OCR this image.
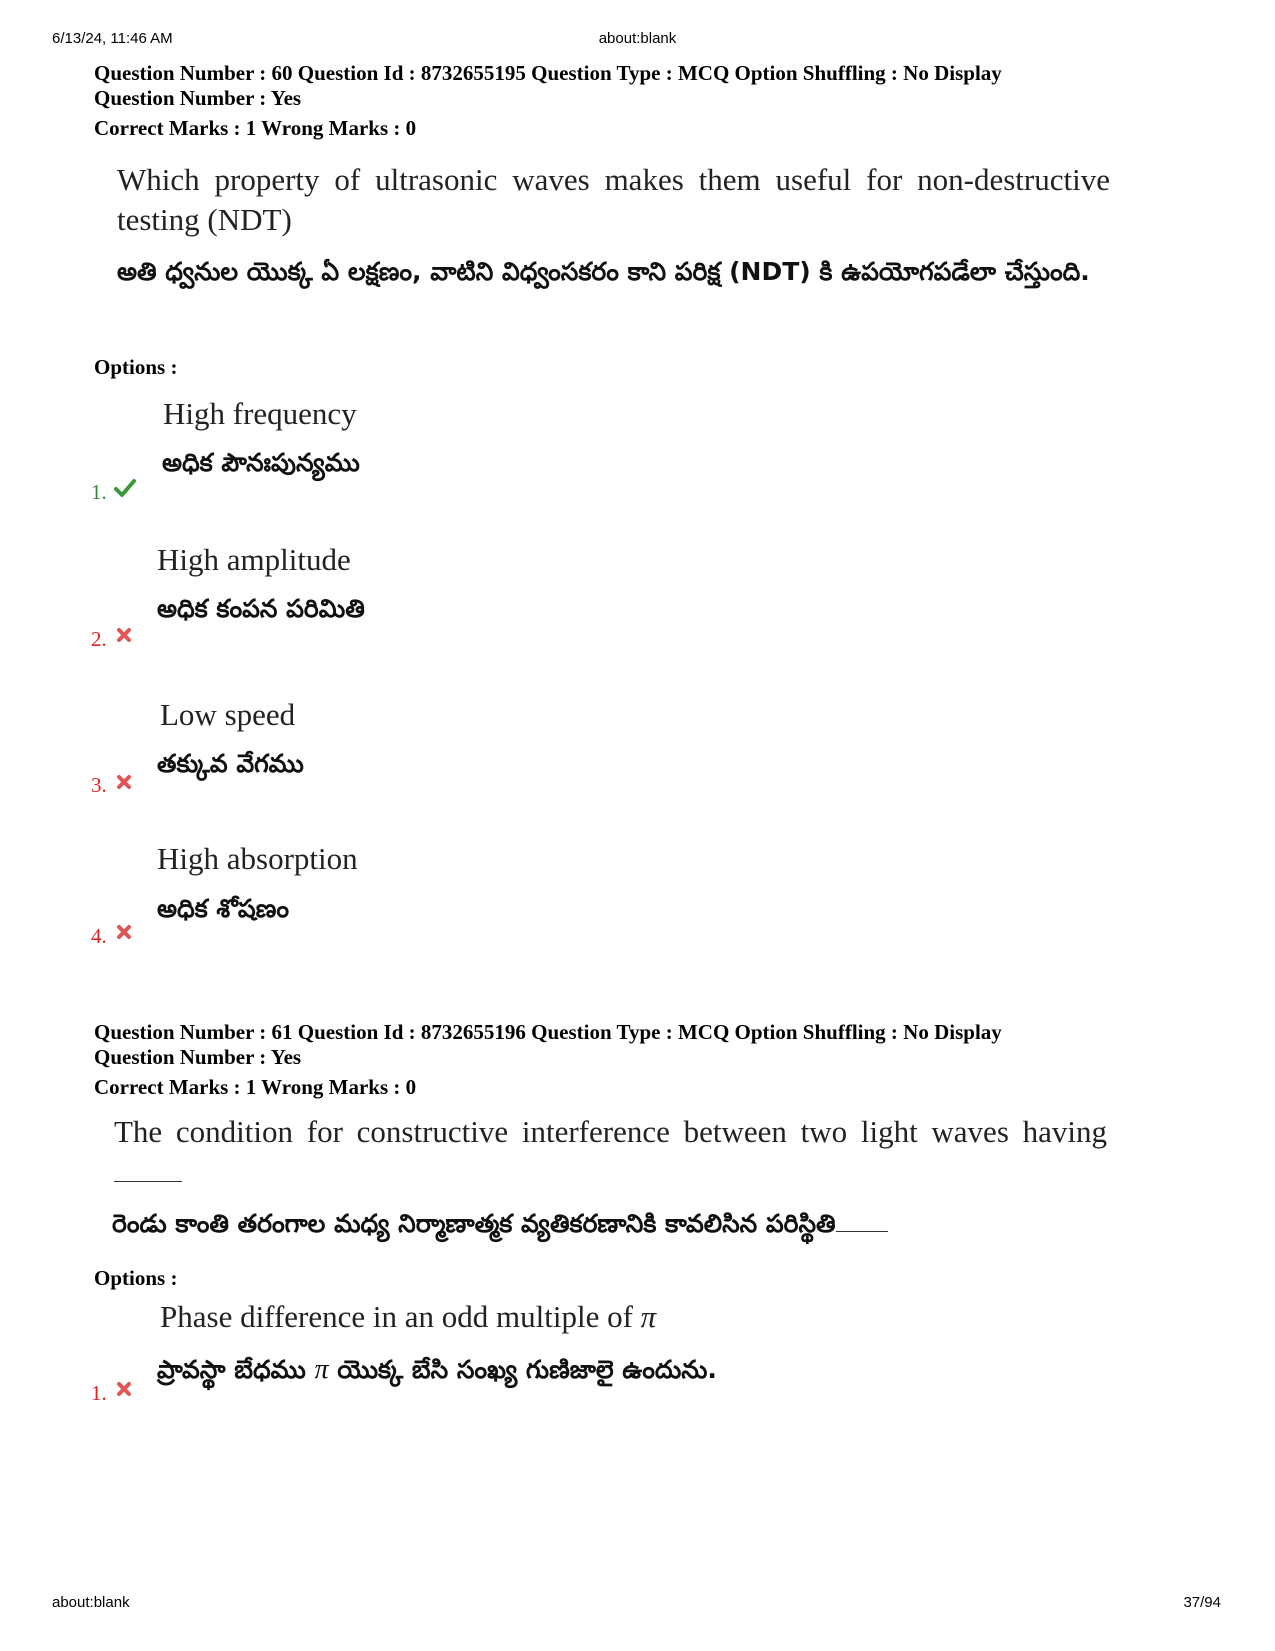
6/13/24, 11:46 AM	about:blank
Question Number : 60 Question Id : 8732655195 Question Type : MCQ Option Shuffling : No Display
Question Number : Yes
Correct Marks : 1 Wrong Marks : 0
Which property of ultrasonic waves makes them useful for non-destructive testing (NDT)
అతి ధ్వనుల యొక్క ఏ లక్షణం, వాటిని విధ్వంసకరం కాని పరిక్ష (NDT) కి ఉపయోగపడేలా చేస్తుంది.
Options :
High frequency
అధిక పౌనఃపున్యము
1.
High amplitude
అధిక కంపన పరిమితి
2.
Low speed
తక్కువ వేగము
3.
High absorption
అధిక శోషణం
4.
Question Number : 61 Question Id : 8732655196 Question Type : MCQ Option Shuffling : No Display
Question Number : Yes
Correct Marks : 1 Wrong Marks : 0
The condition for constructive interference between two light waves having
రెండు కాంతి తరంగాల మధ్య నిర్మాణాత్మక వ్యతికరణానికి కావలిసిన పరిస్థితి
Options :
Phase difference in an odd multiple of π
ప్రావస్థా బేధము π యొక్క బేసి సంఖ్య గుణిజాలై ఉందును.
1.
about:blank	37/94
